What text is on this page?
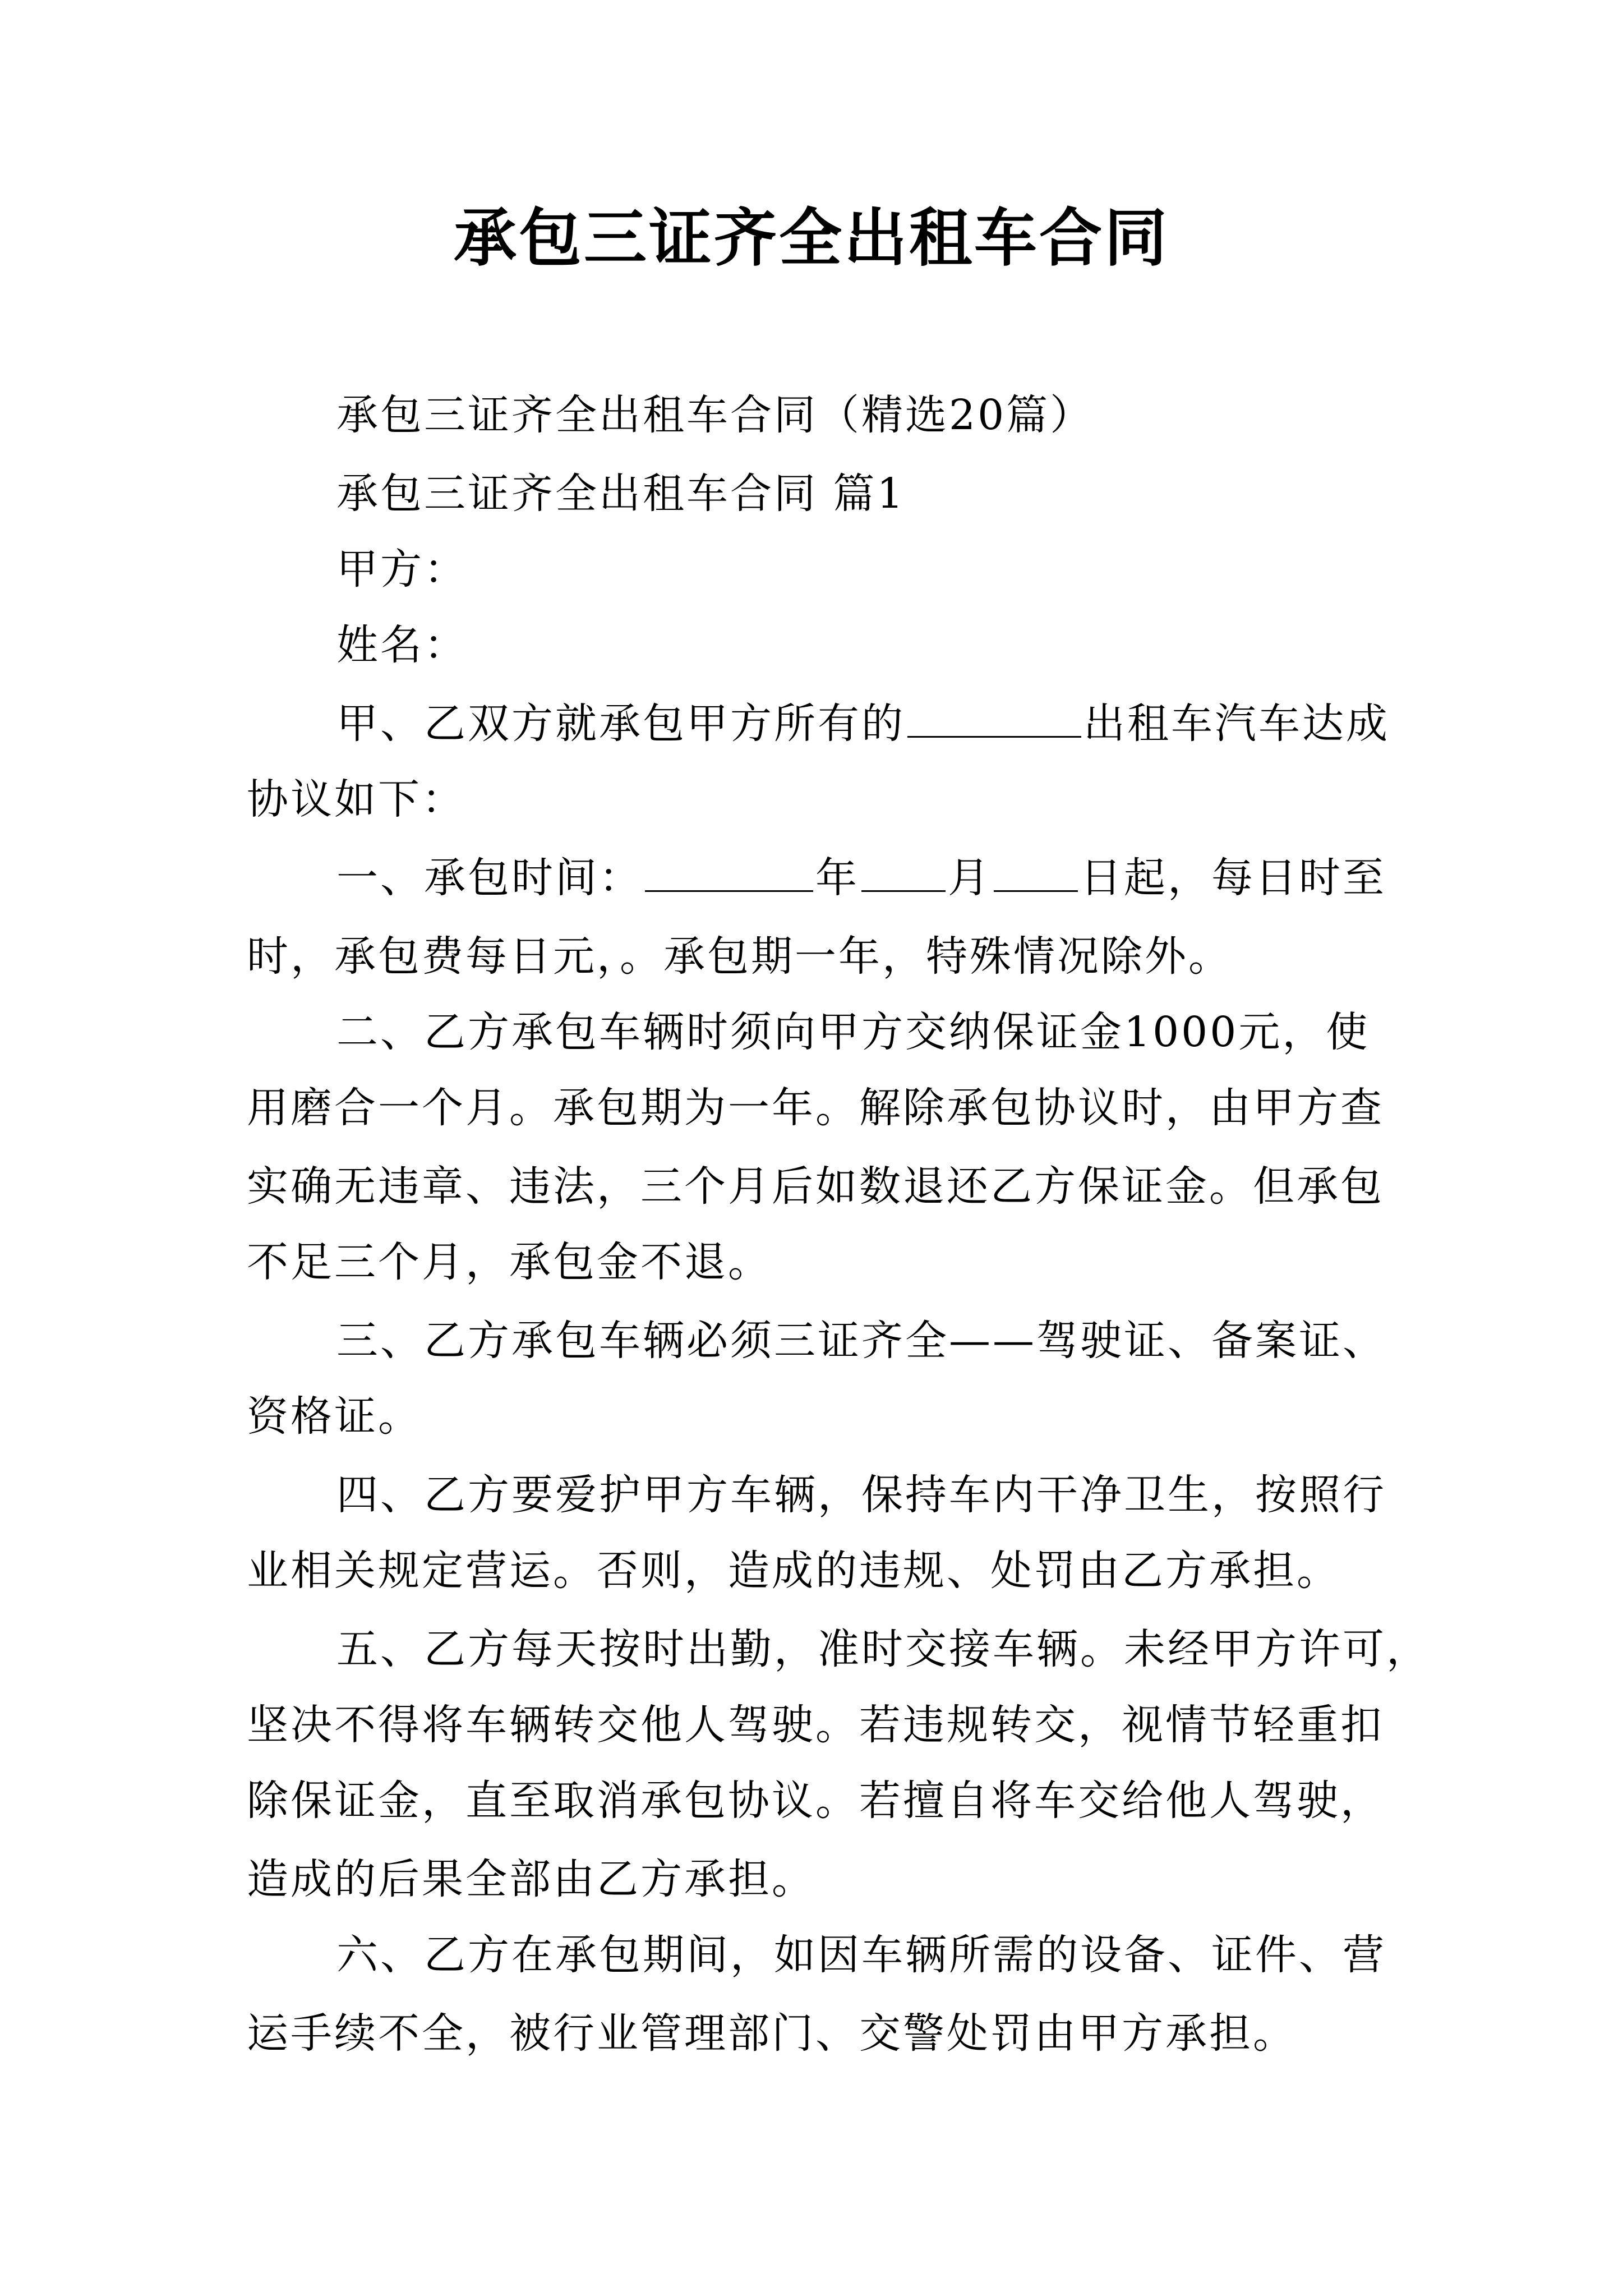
承包三证齐全出租车合同
承包三证齐全出租车合同（精选20篇）
承包三证齐全出租车合同 篇1
甲方：
姓名：
甲、乙双方就承包甲方所有的	出租车汽车达成
协议如下：
一、承包时间：	年 月 日起，每日时至
时，承包费每日元，。承包期一年，特殊情况除外。
二、乙方承包车辆时须向甲方交纳保证金1000元，使
用磨合一个月。承包期为一年。解除承包协议时，由甲方查
实确无违章、违法，三个月后如数退还乙方保证金。但承包
不足三个月，承包金不退。
三、乙方承包车辆必须三证齐全——驾驶证、备案证、
资格证。
四、乙方要爱护甲方车辆，保持车内干净卫生，按照行
业相关规定营运。否则，造成的违规、处罚由乙方承担。
五、乙方每天按时出勤，准时交接车辆。未经甲方许可，
坚决不得将车辆转交他人驾驶。若违规转交，视情节轻重扣
除保证金，直至取消承包协议。若擅自将车交给他人驾驶，
造成的后果全部由乙方承担。
六、乙方在承包期间，如因车辆所需的设备、证件、营
运手续不全，被行业管理部门、交警处罚由甲方承担。
